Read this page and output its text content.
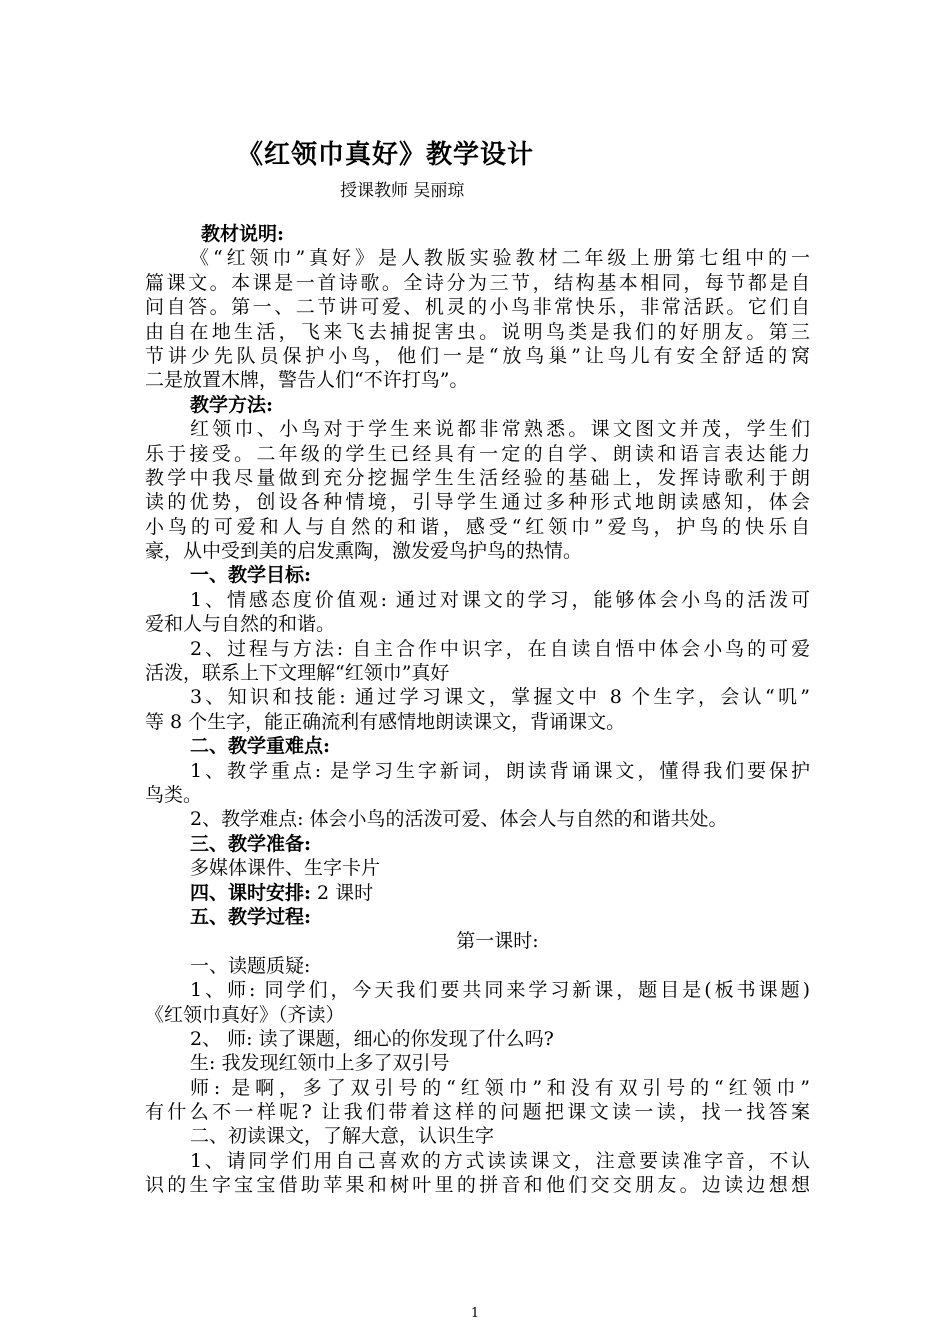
《红领巾真好》教学设计
授课教师 吴丽琼
教材说明:
《“红领巾”真好》是人教版实验教材二年级上册第七组中的一
篇课文。本课是一首诗歌。全诗分为三节，结构基本相同，每节都是自
问自答。第一、二节讲可爱、机灵的小鸟非常快乐，非常活跃。它们自
由自在地生活，飞来飞去捕捉害虫。说明鸟类是我们的好朋友。第三
节讲少先队员保护小鸟，他们一是“放鸟巢”让鸟儿有安全舒适的窝
二是放置木牌，警告人们“不许打鸟”。
教学方法:
红领巾、小鸟对于学生来说都非常熟悉。课文图文并茂，学生们
乐于接受。二年级的学生已经具有一定的自学、朗读和语言表达能力
教学中我尽量做到充分挖掘学生生活经验的基础上，发挥诗歌利于朗
读的优势，创设各种情境，引导学生通过多种形式地朗读感知，体会
小鸟的可爱和人与自然的和谐，感受“红领巾”爱鸟，护鸟的快乐自
豪，从中受到美的启发熏陶，激发爱鸟护鸟的热情。
一、教学目标:
1、情感态度价值观: 通过对课文的学习，能够体会小鸟的活泼可
爱和人与自然的和谐。
2、过程与方法: 自主合作中识字，在自读自悟中体会小鸟的可爱
活泼，联系上下文理解“红领巾”真好
3、知识和技能: 通过学习课文，掌握文中 8 个生字，会认“叽”
等 8 个生字，能正确流利有感情地朗读课文，背诵课文。
二、教学重难点:
1、教学重点: 是学习生字新词，朗读背诵课文，懂得我们要保护
鸟类。
2、教学难点: 体会小鸟的活泼可爱、体会人与自然的和谐共处。
三、教学准备:
多媒体课件、生字卡片
四、课时安排: 2 课时
五、教学过程:
第一课时:
一、读题质疑:
1、师: 同学们，今天我们要共同来学习新课，题目是(板书课题)
《红领巾真好》（齐读）
2、 师: 读了课题，细心的你发现了什么吗?
生: 我发现红领巾上多了双引号
师: 是啊，多了双引号的“红领巾”和没有双引号的“红领巾”
有什么不一样呢? 让我们带着这样的问题把课文读一读，找一找答案
二、初读课文，了解大意，认识生字
1、请同学们用自己喜欢的方式读读课文，注意要读准字音，不认
识的生字宝宝借助苹果和树叶里的拼音和他们交交朋友。边读边想想
1
